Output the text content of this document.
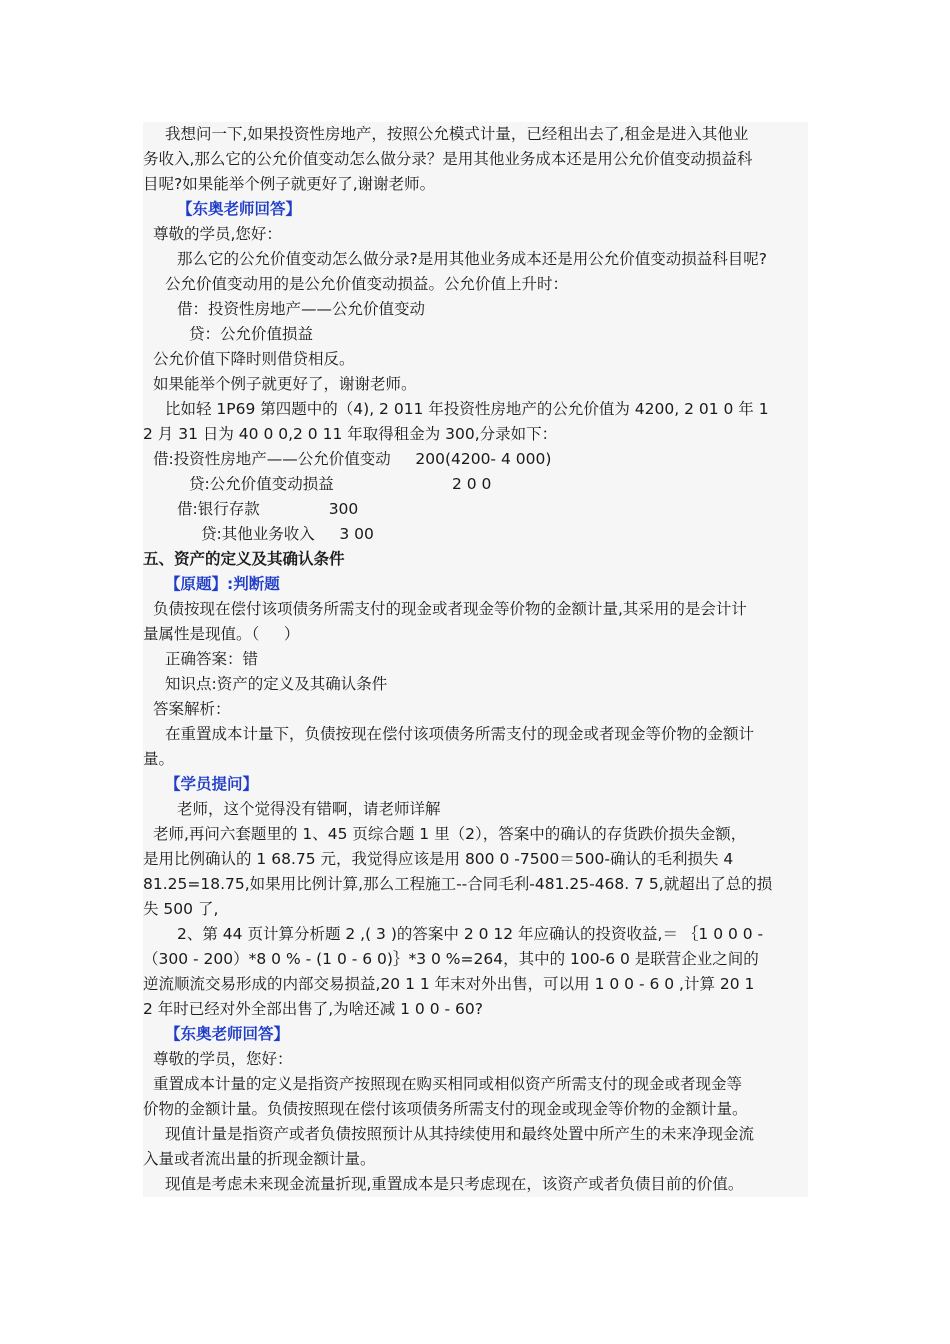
我想问一下,如果投资性房地产，按照公允模式计量，已经租出去了,租金是进入其他业
务收入,那么它的公允价值变动怎么做分录？是用其他业务成本还是用公允价值变动损益科
目呢?如果能举个例子就更好了,谢谢老师。
【东奥老师回答】
尊敬的学员,您好：
那么它的公允价值变动怎么做分录?是用其他业务成本还是用公允价值变动损益科目呢?
公允价值变动用的是公允价值变动损益。公允价值上升时：
借：投资性房地产——公允价值变动
贷：公允价值损益
公允价值下降时则借贷相反。
如果能举个例子就更好了，谢谢老师。
比如轻 1P69 第四题中的（4), 2 011 年投资性房地产的公允价值为 4200, 2 01 0 年 1
2 月 31 日为 40 0 0,2 0 11 年取得租金为 300,分录如下：
借:投资性房地产——公允价值变动     200(4200- 4 000)
贷:公允价值变动损益                        2 0 0
借:银行存款              300
贷:其他业务收入     3 00
五、资产的定义及其确认条件
【原题】:判断题
负债按现在偿付该项债务所需支付的现金或者现金等价物的金额计量,其采用的是会计计
量属性是现值。（     ）
正确答案：错
知识点:资产的定义及其确认条件
答案解析：
在重置成本计量下，负债按现在偿付该项债务所需支付的现金或者现金等价物的金额计
量。
【学员提问】
老师，这个觉得没有错啊，请老师详解
老师,再问六套题里的 1、45 页综合题 1 里（2），答案中的确认的存货跌价损失金额，
是用比例确认的 1 68.75 元，我觉得应该是用 800 0 -7500＝500-确认的毛利损失 4
81.25=18.75,如果用比例计算,那么工程施工--合同毛利-481.25-468. 7 5,就超出了总的损
失 500 了,
2、第 44 页计算分析题 2 ,( 3 )的答案中 2 0 12 年应确认的投资收益,＝ ｛1 0 0 0 -
（300 - 200）*8 0 % - (1 0 - 6 0)｝*3 0 %=264，其中的 100-6 0 是联营企业之间的
逆流顺流交易形成的内部交易损益,20 1 1 年末对外出售，可以用 1 0 0 - 6 0 ,计算 20 1
2 年时已经对外全部出售了,为啥还减 1 0 0 - 60?
【东奥老师回答】
尊敬的学员，您好：
重置成本计量的定义是指资产按照现在购买相同或相似资产所需支付的现金或者现金等
价物的金额计量。负债按照现在偿付该项债务所需支付的现金或现金等价物的金额计量。
现值计量是指资产或者负债按照预计从其持续使用和最终处置中所产生的未来净现金流
入量或者流出量的折现金额计量。
现值是考虑未来现金流量折现,重置成本是只考虑现在，该资产或者负债目前的价值。
